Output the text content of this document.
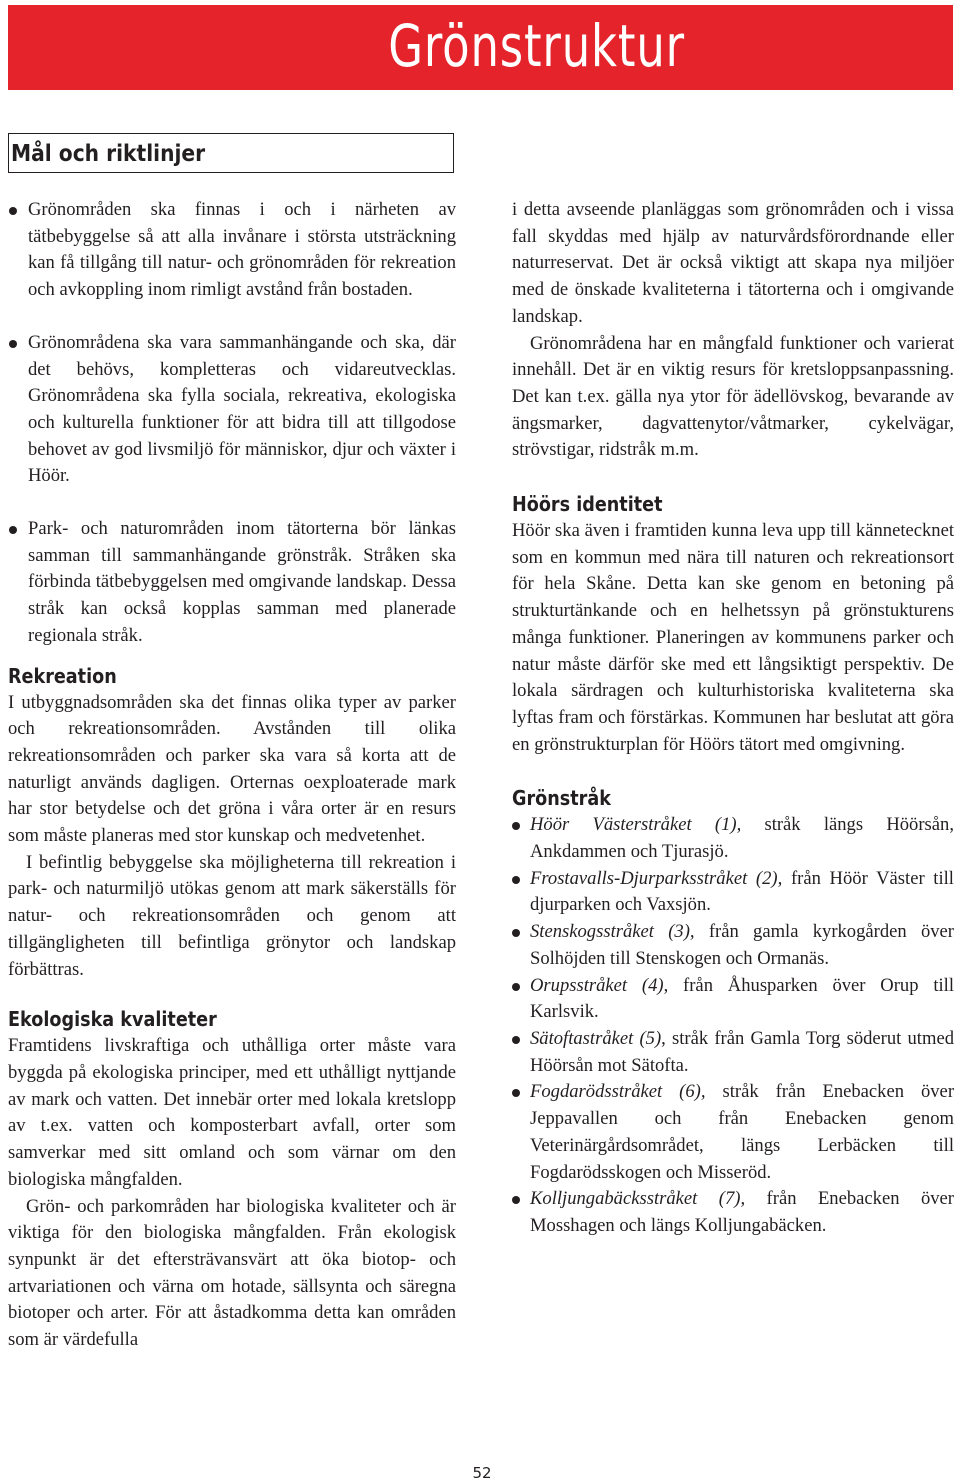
Grönstruktur
Mål och riktlinjer
Grönområden ska finnas i och i närheten av tätbebyggelse så att alla invånare i största utsträckning kan få tillgång till natur- och grönområden för rekreation och avkoppling inom rimligt avstånd från bostaden.
Grönområdena ska vara sammanhängande och ska, där det behövs, kompletteras och vidareutvecklas. Grönområdena ska fylla sociala, rekreativa, ekologiska och kulturella funktioner för att bidra till att tillgodose behovet av god livsmiljö för människor, djur och växter i Höör.
Park- och naturområden inom tätorterna bör länkas samman till sammanhängande grönstråk. Stråken ska förbinda tätbebyggelsen med omgivande landskap. Dessa stråk kan också kopplas samman med planerade regionala stråk.
Rekreation

I utbyggnadsområden ska det finnas olika typer av parker och rekreationsområden. Avstånden till olika rekreationsområden och parker ska vara så korta att de naturligt används dagligen. Orternas oexploaterade mark har stor betydelse och det gröna i våra orter är en resurs som måste planeras med stor kunskap och medvetenhet.

I befintlig bebyggelse ska möjligheterna till rekreation i park- och naturmiljö utökas genom att mark säkerställs för natur- och rekreationsområden och genom att tillgängligheten till befintliga grönytor och landskap förbättras.

Ekologiska kvaliteter

Framtidens livskraftiga och uthålliga orter måste vara byggda på ekologiska principer, med ett uthålligt nyttjande av mark och vatten. Det innebär orter med lokala kretslopp av t.ex. vatten och komposterbart avfall, orter som samverkar med sitt omland och som värnar om den biologiska mångfalden.

Grön- och parkområden har biologiska kvaliteter och är viktiga för den biologiska mångfalden. Från ekologisk synpunkt är det eftersträvansvärt att öka biotop- och artvariationen och värna om hotade, sällsynta och säregna biotoper och arter. För att åstadkomma detta kan områden som är värdefulla

i detta avseende planläggas som grönområden och i vissa fall skyddas med hjälp av naturvårdsförordnande eller naturreservat. Det är också viktigt att skapa nya miljöer med de önskade kvaliteterna i tätorterna och i omgivande landskap.

Grönområdena har en mångfald funktioner och varierat innehåll. Det är en viktig resurs för kretsloppsanpassning. Det kan t.ex. gälla nya ytor för ädellövskog, bevarande av ängsmarker, dagvattenytor/våtmarker, cykelvägar, strövstigar, ridstråk m.m.

Höörs identitet

Höör ska även i framtiden kunna leva upp till kännetecknet som en kommun med nära till naturen och rekreationsort för hela Skåne. Detta kan ske genom en betoning på strukturtänkande och en helhetssyn på grönstukturens många funktioner. Planeringen av kommunens parker och natur måste därför ske med ett långsiktigt perspektiv. De lokala särdragen och kulturhistoriska kvaliteterna ska lyftas fram och förstärkas. Kommunen har beslutat att göra en grönstrukturplan för Höörs tätort med omgivning.

Grönstråk
Höör Västerstråket (1), stråk längs Höörsån, Ankdammen och Tjurasjö.
Frostavalls-Djurparksstråket (2), från Höör Väster till djurparken och Vaxsjön.
Stenskogsstråket (3), från gamla kyrkogården över Solhöjden till Stenskogen och Ormanäs.
Orupsstråket (4), från Åhusparken över Orup till Karlsvik.
Sätoftastråket (5), stråk från Gamla Torg söderut utmed Höörsån mot Sätofta.
Fogdarödsstråket (6), stråk från Enebacken över Jeppavallen och från Enebacken genom Veterinärgårdsområdet, längs Lerbäcken till Fogdarödsskogen och Misseröd.
Kolljungabäcksstråket (7), från Enebacken över Mosshagen och längs Kolljungabäcken.
52
